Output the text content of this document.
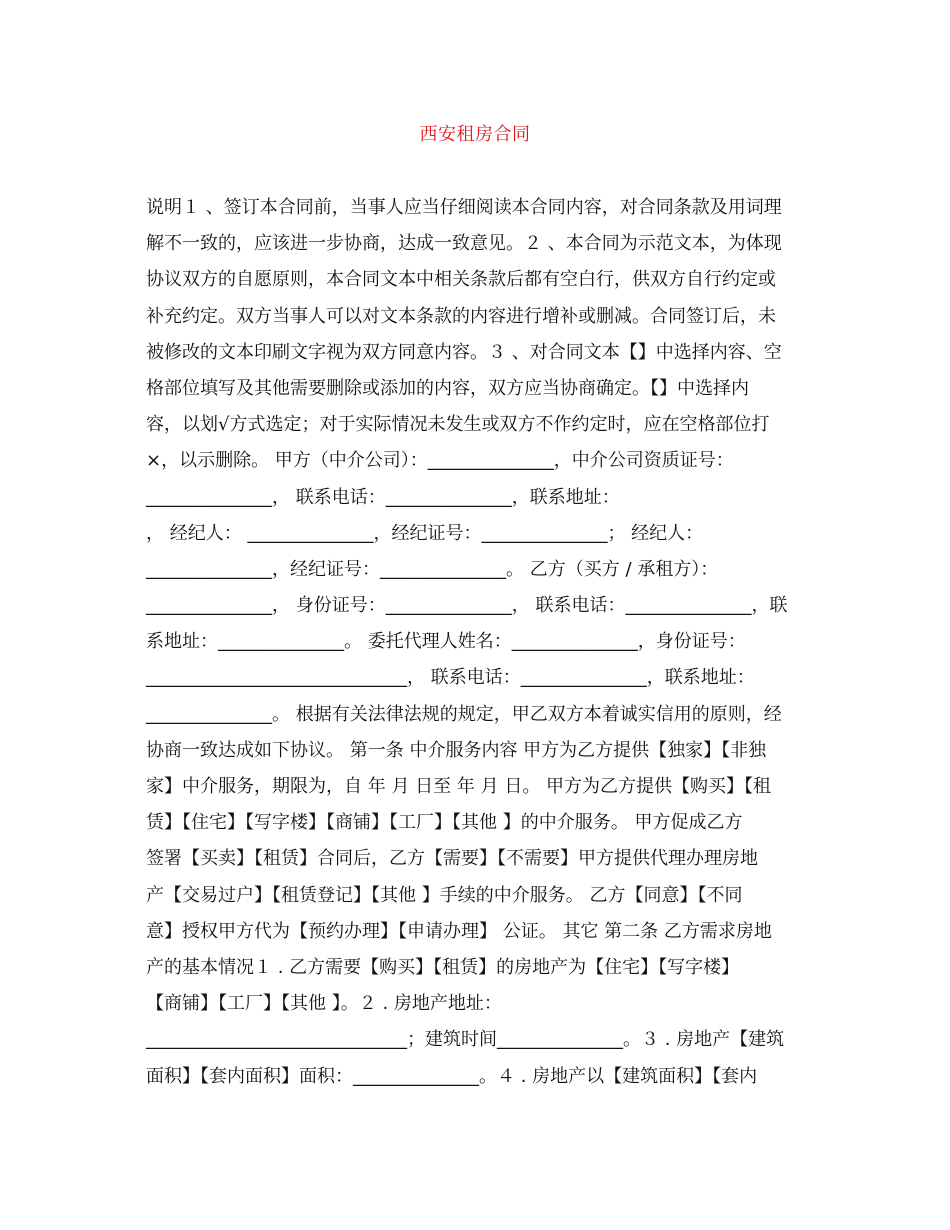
西安租房合同
说明１ 、签订本合同前，当事人应当仔细阅读本合同内容，对合同条款及用词理
解不一致的，应该进一步协商，达成一致意见。２ 、本合同为示范文本，为体现
协议双方的自愿原则，本合同文本中相关条款后都有空白行，供双方自行约定或
补充约定。双方当事人可以对文本条款的内容进行增补或删减。合同签订后，未
被修改的文本印刷文字视为双方同意内容。３ 、对合同文本【】中选择内容、空
格部位填写及其他需要删除或添加的内容，双方应当协商确定。【】中选择内
容，以划√方式选定；对于实际情况未发生或双方不作约定时，应在空格部位打
×，以示删除。 甲方（中介公司）：______________，中介公司资质证号：
______________， 联系电话：______________，联系地址：
， 经纪人： ______________，经纪证号：______________； 经纪人：
______________，经纪证号：______________。 乙方（买方 / 承租方）：
______________， 身份证号：______________， 联系电话：______________，联
系地址：______________。 委托代理人姓名：______________，身份证号：
_____________________________， 联系电话：______________，联系地址：
______________。 根据有关法律法规的规定，甲乙双方本着诚实信用的原则，经
协商一致达成如下协议。 第一条 中介服务内容 甲方为乙方提供【独家】【非独
家】中介服务，期限为，自 年 月 日至 年 月 日。 甲方为乙方提供【购买】【租
赁】【住宅】【写字楼】【商铺】【工厂】【其他 】的中介服务。 甲方促成乙方
签署【买卖】【租赁】合同后，乙方【需要】【不需要】甲方提供代理办理房地
产【交易过户】【租赁登记】【其他 】手续的中介服务。 乙方【同意】【不同
意】授权甲方代为【预约办理】【申请办理】 公证。 其它 第二条 乙方需求房地
产的基本情况１ . 乙方需要【购买】【租赁】的房地产为【住宅】【写字楼】
【商铺】【工厂】【其他 】。２ . 房地产地址：
_____________________________；建筑时间______________。３ . 房地产【建筑
面积】【套内面积】面积：______________。４ . 房地产以【建筑面积】【套内
